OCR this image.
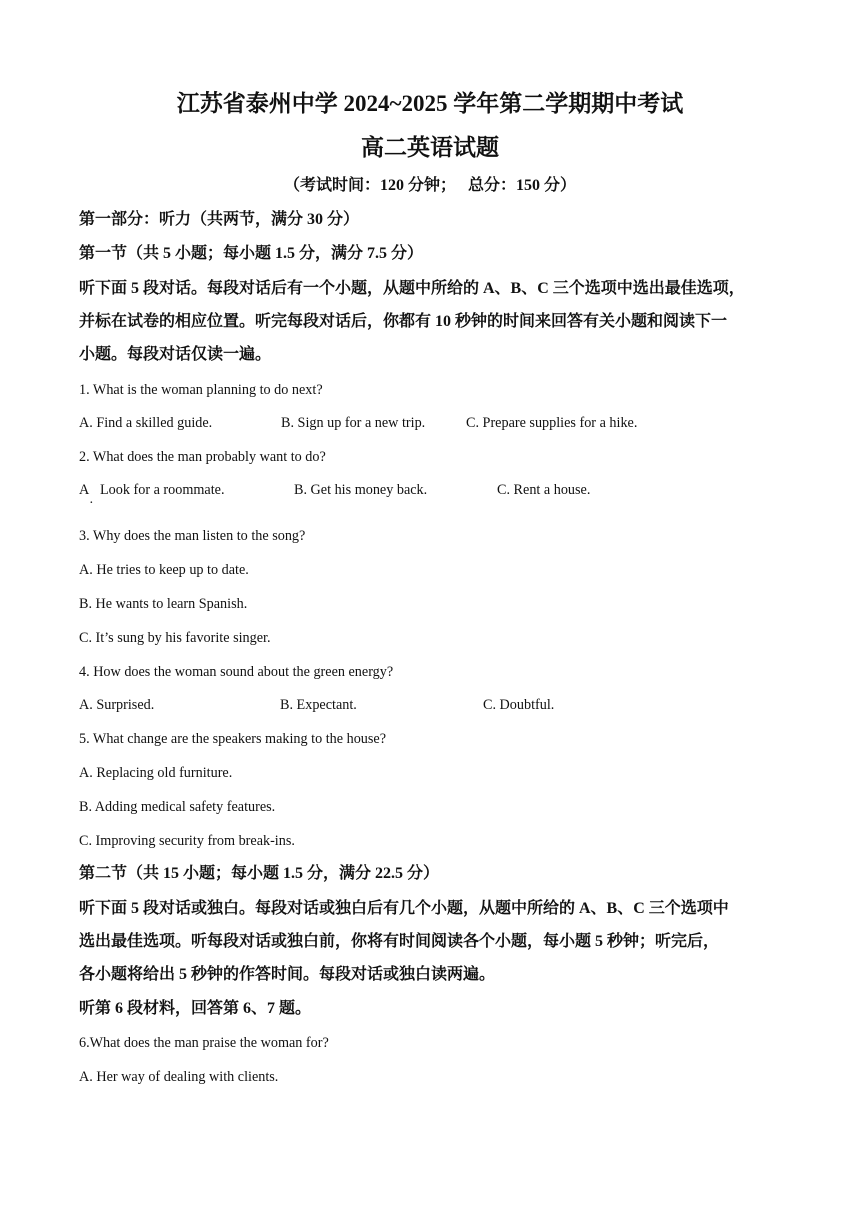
江苏省泰州中学 2024~2025 学年第二学期期中考试
高二英语试题
（考试时间：120 分钟；　 总分：150 分）
第一部分：听力（共两节，满分 30 分）
第一节（共 5 小题；每小题 1.5 分，满分 7.5 分）
听下面 5 段对话。每段对话后有一个小题，从题中所给的 A、B、C 三个选项中选出最佳选项，
并标在试卷的相应位置。听完每段对话后，你都有 10 秒钟的时间来回答有关小题和阅读下一
小题。每段对话仅读一遍。
1. What is the woman planning to do next?
A. Find a skilled guide.	B. Sign up for a new trip.	C. Prepare supplies for a hike.
2. What does the man probably want to do?
A
·
Look for a roommate.	B. Get his money back.	C. Rent a house.
3. Why does the man listen to the song?
A. He tries to keep up to date.
B. He wants to learn Spanish.
C. It’s sung by his favorite singer.
4. How does the woman sound about the green energy?
A. Surprised.	B. Expectant.	C. Doubtful.
5. What change are the speakers making to the house?
A. Replacing old furniture.
B. Adding medical safety features.
C. Improving security from break-ins.
第二节（共 15 小题；每小题 1.5 分，满分 22.5 分）
听下面 5 段对话或独白。每段对话或独白后有几个小题，从题中所给的 A、B、C 三个选项中
选出最佳选项。听每段对话或独白前，你将有时间阅读各个小题，每小题 5 秒钟；听完后，
各小题将给出 5 秒钟的作答时间。每段对话或独白读两遍。
听第 6 段材料，回答第 6、7 题。
6.What does the man praise the woman for?
A. Her way of dealing with clients.
